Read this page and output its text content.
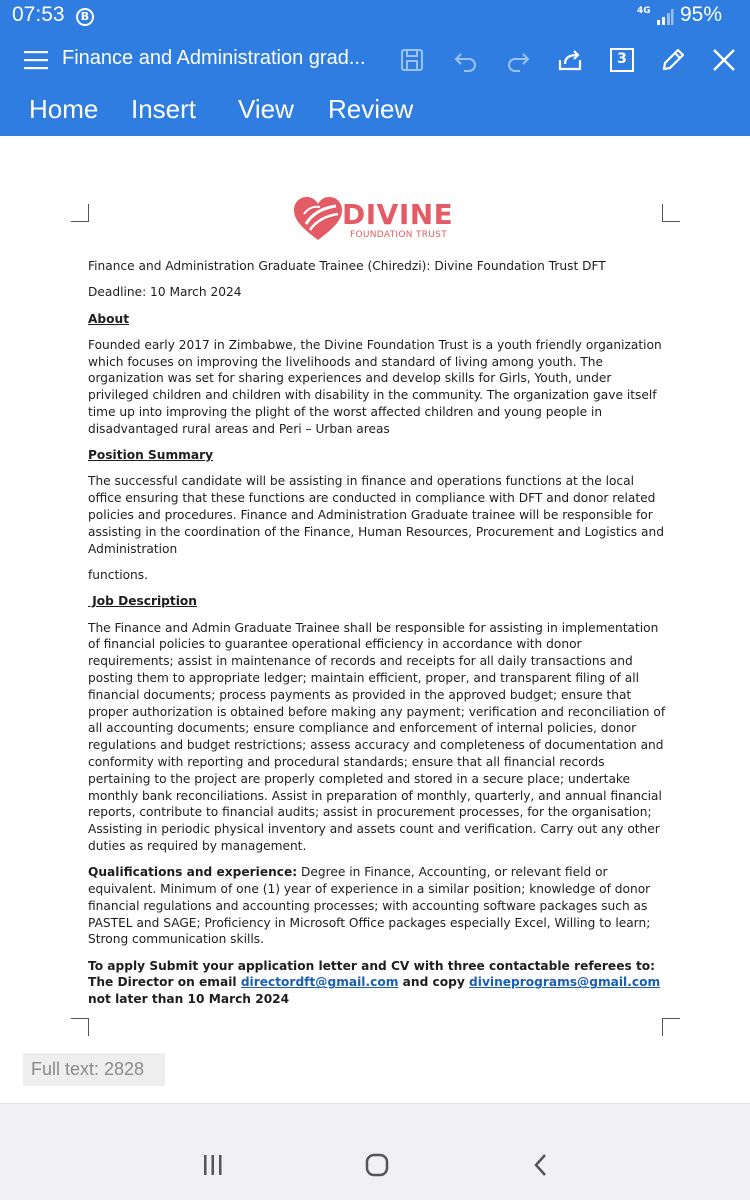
07:53	B	4G 95%
Finance and Administration grad...	3
Home Insert View Review
DIVINE
FOUNDATION TRUST

Finance and Administration Graduate Trainee (Chiredzi): Divine Foundation Trust DFT

Deadline: 10 March 2024

About

Founded early 2017 in Zimbabwe, the Divine Foundation Trust is a youth friendly organization which focuses on improving the livelihoods and standard of living among youth. The organization was set for sharing experiences and develop skills for Girls, Youth, under privileged children and children with disability in the community. The organization gave itself time up into improving the plight of the worst affected children and young people in disadvantaged rural areas and Peri – Urban areas

Position Summary

The successful candidate will be assisting in finance and operations functions at the local office ensuring that these functions are conducted in compliance with DFT and donor related policies and procedures. Finance and Administration Graduate trainee will be responsible for assisting in the coordination of the Finance, Human Resources, Procurement and Logistics and Administration

functions.

Job Description

The Finance and Admin Graduate Trainee shall be responsible for assisting in implementation of financial policies to guarantee operational efficiency in accordance with donor requirements; assist in maintenance of records and receipts for all daily transactions and posting them to appropriate ledger; maintain efficient, proper, and transparent filing of all financial documents; process payments as provided in the approved budget; ensure that proper authorization is obtained before making any payment; verification and reconciliation of all accounting documents; ensure compliance and enforcement of internal policies, donor regulations and budget restrictions; assess accuracy and completeness of documentation and conformity with reporting and procedural standards; ensure that all financial records pertaining to the project are properly completed and stored in a secure place; undertake monthly bank reconciliations. Assist in preparation of monthly, quarterly, and annual financial reports, contribute to financial audits; assist in procurement processes, for the organisation; Assisting in periodic physical inventory and assets count and verification. Carry out any other duties as required by management.

Qualifications and experience: Degree in Finance, Accounting, or relevant field or equivalent. Minimum of one (1) year of experience in a similar position; knowledge of donor financial regulations and accounting processes; with accounting software packages such as PASTEL and SAGE; Proficiency in Microsoft Office packages especially Excel, Willing to learn; Strong communication skills.

To apply Submit your application letter and CV with three contactable referees to: The Director on email directordft@gmail.com and copy divineprograms@gmail.com not later than 10 March 2024

Full text: 2828
